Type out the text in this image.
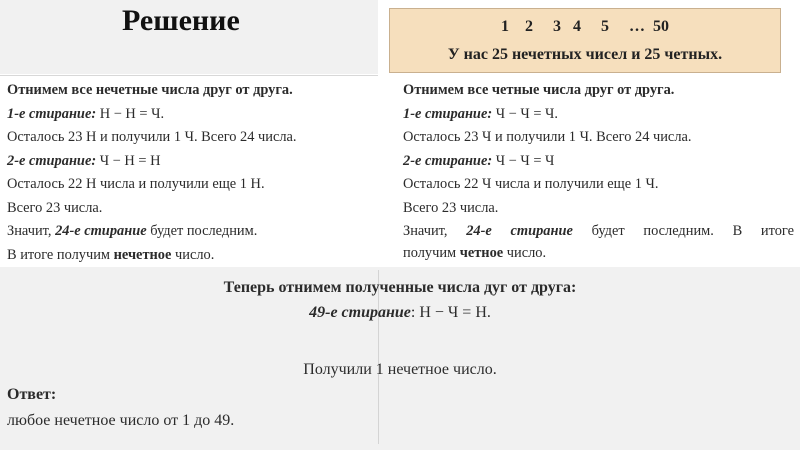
Решение	1    2     3   4     5     …  50
У нас 25 нечетных чисел и 25 четных.
Отнимем все нечетные числа друг от друга.
1-е стирание: Н − Н = Ч.
Осталось 23 Н и получили 1 Ч. Всего 24 числа.
2-е стирание: Ч − Н = Н
Осталось 22 Н числа и получили еще 1 Н.
Всего 23 числа.
Значит, 24-е стирание будет последним.
В итоге получим нечетное число.
Отнимем все четные числа друг от друга.
1-е стирание: Ч − Ч = Ч.
Осталось 23 Ч и получили 1 Ч. Всего 24 числа.
2-е стирание: Ч − Ч = Ч
Осталось 22 Ч числа и получили еще 1 Ч.
Всего 23 числа.
Значит, 24-е стирание будет последним. В итоге
получим четное число.
Теперь отнимем полученные числа дуг от друга:
49-е стирание: Н − Ч = Н.
Получили 1 нечетное число.
Ответ:
любое нечетное число от 1 до 49.
